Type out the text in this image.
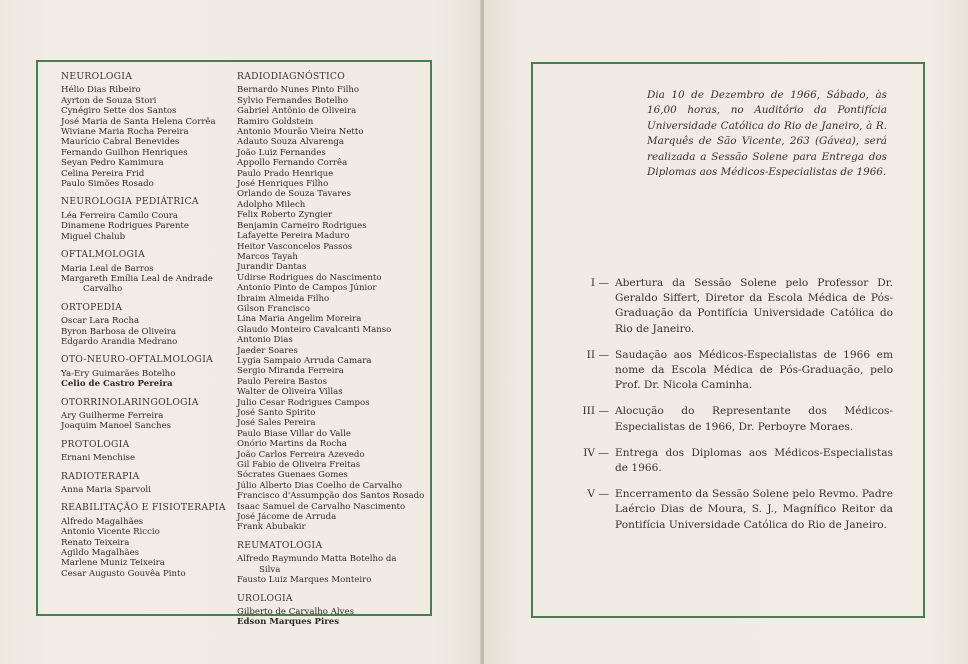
NEUROLOGIA
Hélio Dias Ribeiro
Ayrton de Souza Stori
Cynégiro Sette dos Santos
José Maria de Santa Helena Corrêa
Wiviane Maria Rocha Pereira
Maurício Cabral Benevides
Fernando Guilhon Henriques
Seyan Pedro Kamimura
Celina Pereira Frid
Paulo Simões Rosado
NEUROLOGIA PEDIÁTRICA
Léa Ferreira Camilo Coura
Dinamene Rodrigues Parente
Miguel Chalub
OFTALMOLOGIA
Maria Leal de Barros
Margareth Emília Leal de Andrade
Carvalho
ORTOPEDIA
Oscar Lara Rocha
Byron Barbosa de Oliveira
Edgardo Arandia Medrano
OTO-NEURO-OFTALMOLOGIA
Ya-Ery Guimarães Botelho
Celio de Castro Pereira
OTORRINOLARINGOLOGIA
Ary Guilherme Ferreira
Joaquim Manoel Sanches
PROTOLOGIA
Ernani Menchise
RADIOTERAPIA
Anna Maria Sparvoli
REABILITAÇÃO E FISIOTERAPIA
Alfredo Magalhães
Antonio Vicente Riccio
Renato Teixeira
Agildo Magalhães
Marlene Muniz Teixeira
Cesar Augusto Gouvêa Pinto
RADIODIAGNÓSTICO
Bernardo Nunes Pinto Filho
Sylvio Fernandes Botelho
Gabriel Antônio de Oliveira
Ramiro Goldstein
Antonio Mourão Vieira Netto
Adauto Souza Alvarenga
João Luiz Fernandes
Appollo Fernando Corrêa
Paulo Prado Henrique
José Henriques Filho
Orlando de Souza Tavares
Adolpho Milech
Felix Roberto Zyngier
Benjamin Carneiro Rodrigues
Lafayette Pereira Maduro
Heitor Vasconcelos Passos
Marcos Tayah
Jurandir Dantas
Udirse Rodrigues do Nascimento
Antonio Pinto de Campos Júnior
Ibraim Almeida Filho
Gilson Francisco
Lina Maria Angelim Moreira
Glaudo Monteiro Cavalcanti Manso
Antonio Dias
Jaeder Soares
Lygia Sampaio Arruda Camara
Sergio Miranda Ferreira
Paulo Pereira Bastos
Walter de Oliveira Villas
Julio Cesar Rodrigues Campos
José Santo Spirito
José Sales Pereira
Paulo Biase Villar do Valle
Onório Martins da Rocha
João Carlos Ferreira Azevedo
Gil Fabio de Oliveira Freitas
Sócrates Guenaes Gomes
Júlio Alberto Dias Coelho de Carvalho
Francisco d'Assumpção dos Santos Rosado
Isaac Samuel de Carvalho Nascimento
José Jácome de Arruda
Frank Abubakir
REUMATOLOGIA
Alfredo Raymundo Matta Botelho da
Silva
Fausto Luiz Marques Monteiro
UROLOGIA
Gilberto de Carvalho Alves
Edson Marques Pires
Dia 10 de Dezembro de 1966, Sábado, às 16,00 horas, no Auditório da Pontifícia Universidade Católica do Rio de Janeiro, à R. Marquês de São Vicente, 263 (Gávea), será realizada a Sessão Solene para Entrega dos Diplomas aos Médicos-Especialistas de 1966.
I — Abertura da Sessão Solene pelo Professor Dr. Geraldo Siffert, Diretor da Escola Médica de Pós-Graduação da Pontifícia Universidade Católica do Rio de Janeiro.
II — Saudação aos Médicos-Especialistas de 1966 em nome da Escola Médica de Pós-Graduação, pelo Prof. Dr. Nicola Caminha.
III — Alocução do Representante dos Médicos-Especialistas de 1966, Dr. Perboyre Moraes.
IV — Entrega dos Diplomas aos Médicos-Especialistas de 1966.
V — Encerramento da Sessão Solene pelo Revmo. Padre Laércio Dias de Moura, S. J., Magnífico Reitor da Pontifícia Universidade Católica do Rio de Janeiro.
